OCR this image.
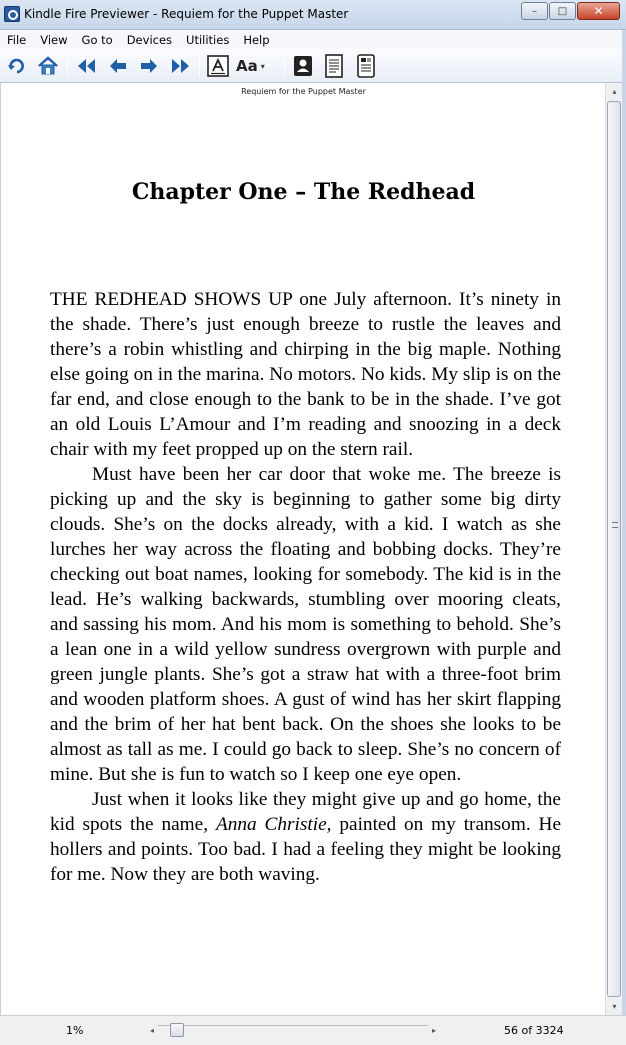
Kindle Fire Previewer - Requiem for the Puppet Master	– □ ✕
File	View	Go to	Devices	Utilities	Help
Aa ▾
Requiem for the Puppet Master
Chapter One – The Redhead

THE REDHEAD SHOWS UP one July afternoon. It’s ninety in the shade. There’s just enough breeze to rustle the leaves and there’s a robin whistling and chirping in the big maple. Nothing else going on in the marina. No motors. No kids. My slip is on the far end, and close enough to the bank to be in the shade. I’ve got an old Louis L’Amour and I’m reading and snoozing in a deck chair with my feet propped up on the stern rail.

Must have been her car door that woke me. The breeze is picking up and the sky is beginning to gather some big dirty clouds. She’s on the docks already, with a kid. I watch as she lurches her way across the floating and bobbing docks. They’re checking out boat names, looking for somebody. The kid is in the lead. He’s walking backwards, stumbling over mooring cleats, and sassing his mom. And his mom is something to behold. She’s a lean one in a wild yellow sundress overgrown with purple and green jungle plants. She’s got a straw hat with a three-foot brim and wooden platform shoes. A gust of wind has her skirt flapping and the brim of her hat bent back. On the shoes she looks to be almost as tall as me. I could go back to sleep. She’s no concern of mine. But she is fun to watch so I keep one eye open.

Just when it looks like they might give up and go home, the kid spots the name, Anna Christie, painted on my transom. He hollers and points. Too bad. I had a feeling they might be looking for me. Now they are both waving.

▴
▾
1%	◂	▸	56 of 3324
